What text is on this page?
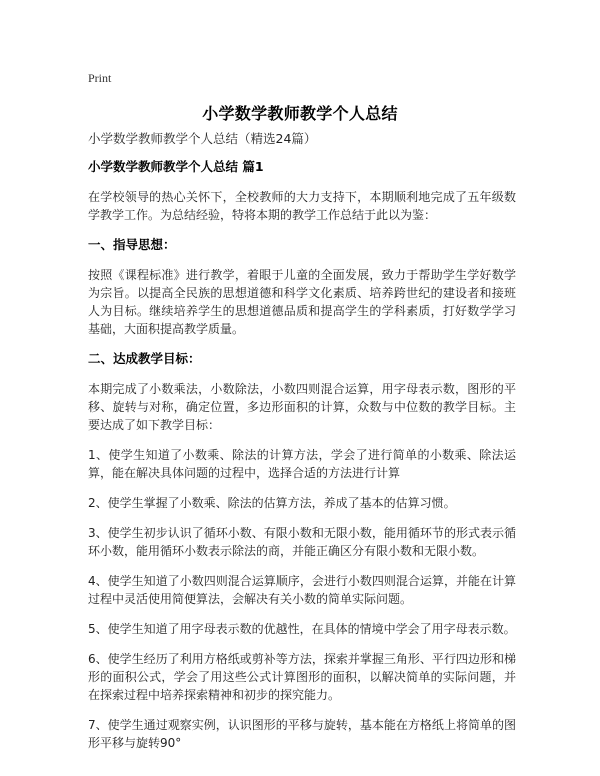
Print
小学数学教师教学个人总结

小学数学教师教学个人总结（精选24篇）

小学数学教师教学个人总结 篇1

在学校领导的热心关怀下，全校教师的大力支持下，本期顺利地完成了五年级数学教学工作。为总结经验，特将本期的教学工作总结于此以为鉴：

一、指导思想：

按照《课程标准》进行教学，着眼于儿童的全面发展，致力于帮助学生学好数学为宗旨。以提高全民族的思想道德和科学文化素质、培养跨世纪的建设者和接班人为目标。继续培养学生的思想道德品质和提高学生的学科素质，打好数学学习基础，大面积提高教学质量。

二、达成教学目标：

本期完成了小数乘法，小数除法，小数四则混合运算，用字母表示数，图形的平移、旋转与对称，确定位置，多边形面积的计算，众数与中位数的教学目标。主要达成了如下教学目标：

1、使学生知道了小数乘、除法的计算方法，学会了进行简单的小数乘、除法运算，能在解决具体问题的过程中，选择合适的方法进行计算

2、使学生掌握了小数乘、除法的估算方法，养成了基本的估算习惯。

3、使学生初步认识了循环小数、有限小数和无限小数，能用循环节的形式表示循环小数，能用循环小数表示除法的商，并能正确区分有限小数和无限小数。

4、使学生知道了小数四则混合运算顺序，会进行小数四则混合运算，并能在计算过程中灵活使用简便算法，会解决有关小数的简单实际问题。

5、使学生知道了用字母表示数的优越性，在具体的情境中学会了用字母表示数。

6、使学生经历了利用方格纸或剪补等方法，探索并掌握三角形、平行四边形和梯形的面积公式，学会了用这些公式计算图形的面积，以解决简单的实际问题，并在探索过程中培养探索精神和初步的探究能力。

7、使学生通过观察实例，认识图形的平移与旋转，基本能在方格纸上将简单的图形平移与旋转90°
